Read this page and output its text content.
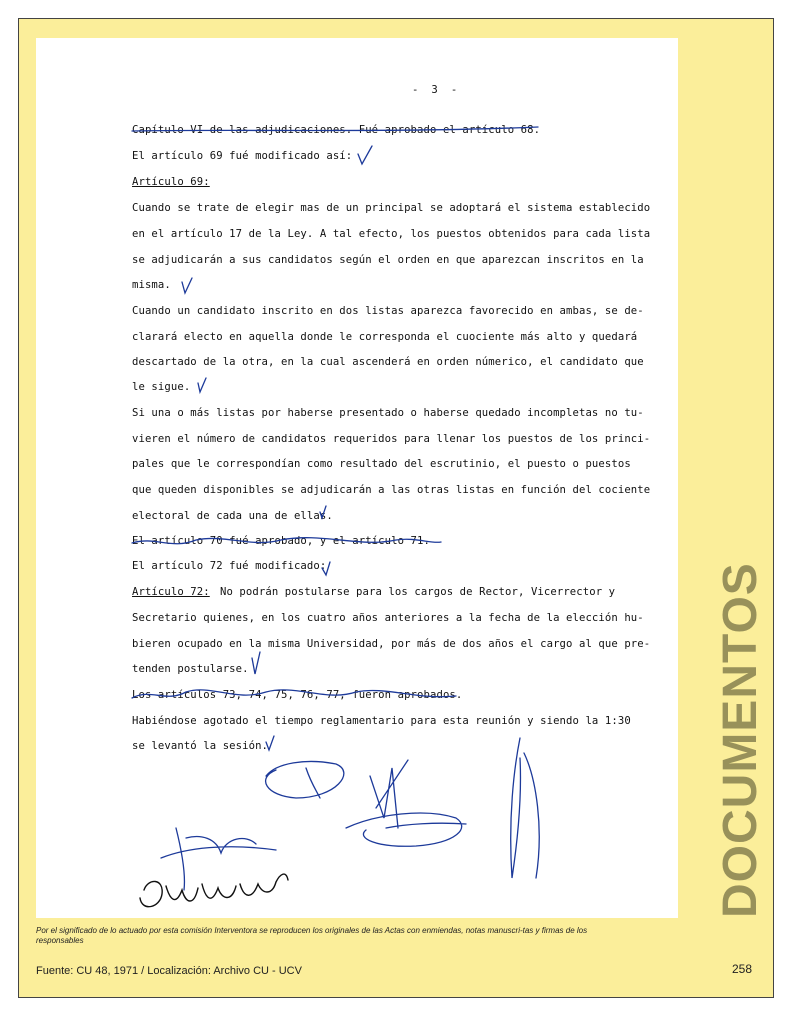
-  3  -
Capítulo VI de las adjudicaciones. Fué aprobado el artículo 68.
El artículo 69 fué modificado así:
Artículo 69:
Cuando se trate de elegir mas de un principal se adoptará el sistema establecido
en el artículo 17 de la Ley. A tal efecto, los puestos obtenidos para cada lista
se adjudicarán a sus candidatos según el orden en que aparezcan inscritos en la
misma.
Cuando un candidato inscrito en dos listas aparezca favorecido en ambas, se de-
clarará electo en aquella donde le corresponda el cuociente más alto y quedará
descartado de la otra, en la cual ascenderá en orden númerico, el candidato que
le sigue.
Si una o más listas por haberse presentado o haberse quedado incompletas no tu-
vieren el número de candidatos requeridos para llenar los puestos de los princi-
pales que le correspondían como resultado del escrutinio, el puesto o puestos
que queden disponibles se adjudicarán a las otras listas en función del cociente
electoral de cada una de ellas.
El artículo 70 fué aprobado, y el artículo 71.
El artículo 72 fué modificado:
Artículo 72: No podrán postularse para los cargos de Rector, Vicerrector y
Secretario quienes, en los cuatro años anteriores a la fecha de la elección hu-
bieren ocupado en la misma Universidad, por más de dos años el cargo al que pre-
tenden postularse.
Los artículos 73, 74, 75, 76, 77, fueron aprobados.
Habiéndose agotado el tiempo reglamentario para esta reunión y siendo la 1:30
se levantó la sesión.	DOCUMENTOS
Por el significado de lo actuado por esta comisión Interventora se reproducen los originales de las Actas con enmiendas, notas manuscri-tas y firmas de los responsables
Fuente: CU 48, 1971 / Localización: Archivo CU - UCV	258
